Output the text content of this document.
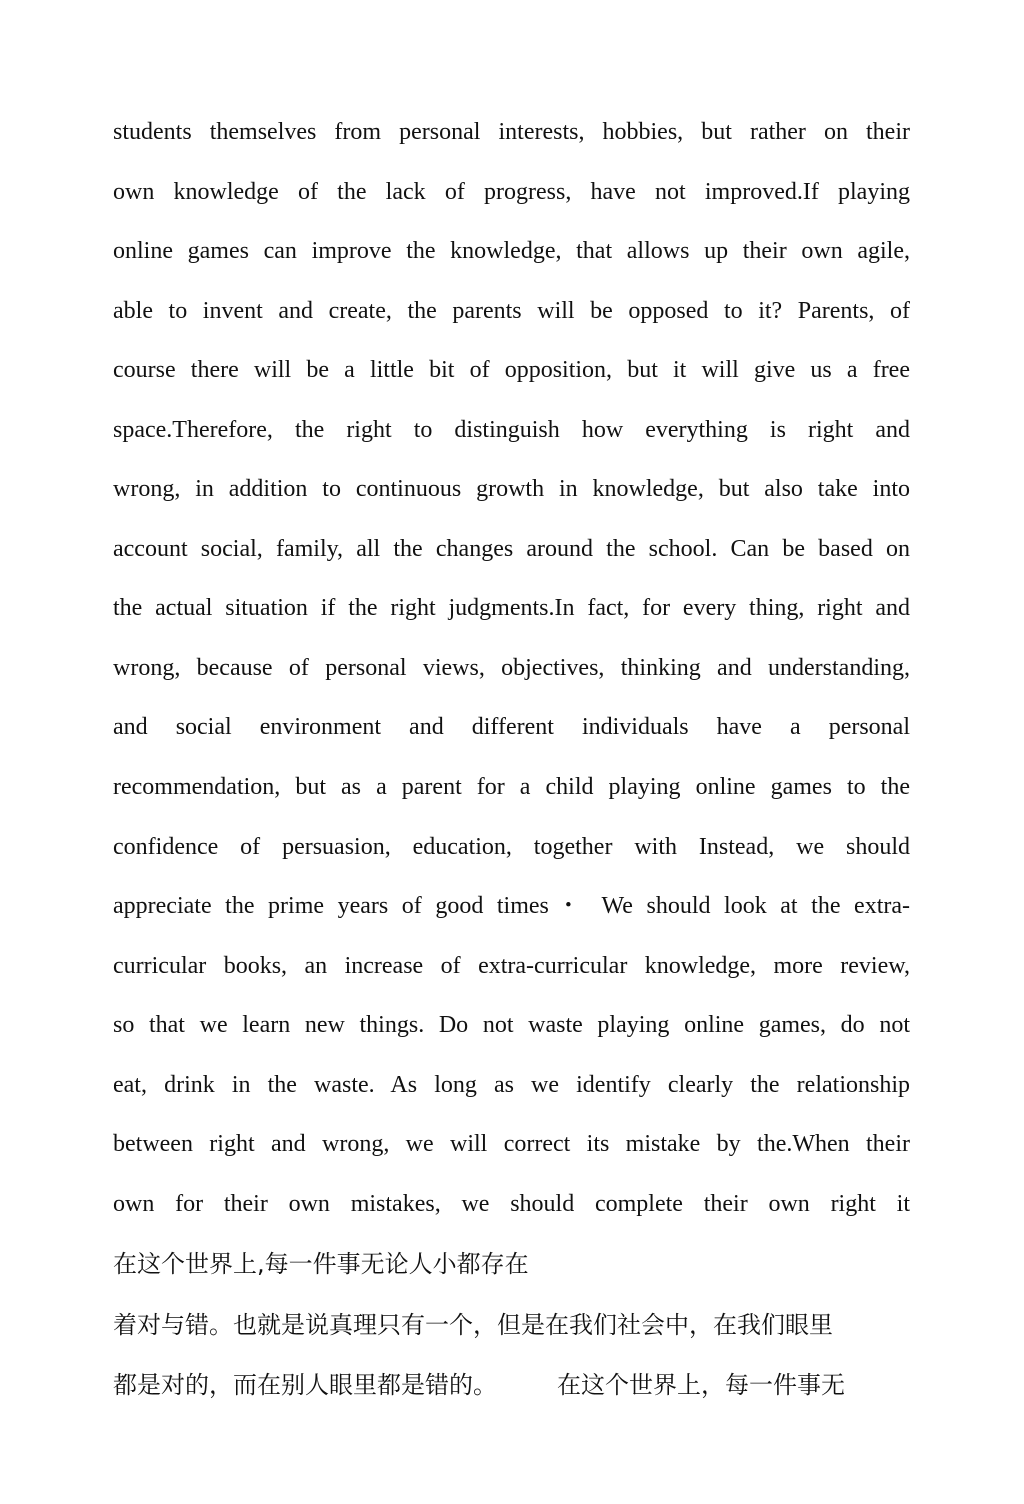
students themselves from personal interests, hobbies, but rather on their
own knowledge of the lack of progress, have not improved.If playing
online games can improve the knowledge, that allows up their own agile,
able to invent and create, the parents will be opposed to it? Parents, of
course there will be a little bit of opposition, but it will give us a free
space.Therefore, the right to distinguish how everything is right and
wrong, in addition to continuous growth in knowledge, but also take into
account social, family, all the changes around the school. Can be based on
the actual situation if the right judgments.In fact, for every thing, right and
wrong, because of personal views, objectives, thinking and understanding,
and social environment and different individuals have a personal
recommendation, but as a parent for a child playing online games to the
confidence of persuasion, education, together with Instead, we should
appreciate the prime years of good times・ We should look at the extra-
curricular books, an increase of extra-curricular knowledge, more review,
so that we learn new things. Do not waste playing online games, do not
eat, drink in the waste. As long as we identify clearly the relationship
between right and wrong, we will correct its mistake by the.When their
own for their own mistakes, we should complete their own right it
在这个世界上,每一件事无论人小都存在
着对与错。也就是说真理只有一个，但是在我们社会中，在我们眼里
都是对的，而在别人眼里都是错的。	在这个世界上，每一件事无
